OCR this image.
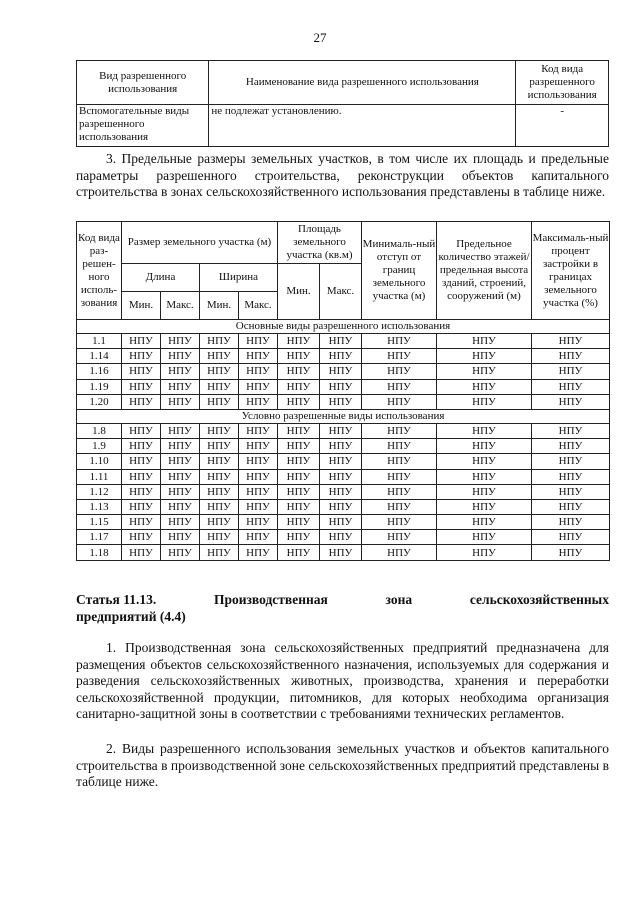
27
Вид разрешенного использования	Наименование вида разрешенного использования	Код вида разрешенного использования
Вспомогательные виды разрешенного использования	не подлежат установлению.	-

3. Предельные размеры земельных участков, в том числе их площадь и предельные параметры разрешенного строительства, реконструкции объектов капитального строительства в зонах сельскохозяйственного использования представлены в таблице ниже.

Код вида раз-решен-ного исполь-зования	Размер земельного участка (м)				Площадь земельного участка (кв.м)		Минималь-ный отступ от границ земельного участка (м)	Предельное количество этажей/ предельная высота зданий, строений, сооружений (м)	Максималь-ный процент застройки в границах земельного участка (%)
	Длина		Ширина		Мин.	Макс.			
	Мин.	Макс.	Мин.	Макс.					
Основные виды разрешенного использования									
1.1	НПУ	НПУ	НПУ	НПУ	НПУ	НПУ	НПУ	НПУ	НПУ
1.14	НПУ	НПУ	НПУ	НПУ	НПУ	НПУ	НПУ	НПУ	НПУ
1.16	НПУ	НПУ	НПУ	НПУ	НПУ	НПУ	НПУ	НПУ	НПУ
1.19	НПУ	НПУ	НПУ	НПУ	НПУ	НПУ	НПУ	НПУ	НПУ
1.20	НПУ	НПУ	НПУ	НПУ	НПУ	НПУ	НПУ	НПУ	НПУ
Условно разрешенные виды использования									
1.8	НПУ	НПУ	НПУ	НПУ	НПУ	НПУ	НПУ	НПУ	НПУ
1.9	НПУ	НПУ	НПУ	НПУ	НПУ	НПУ	НПУ	НПУ	НПУ
1.10	НПУ	НПУ	НПУ	НПУ	НПУ	НПУ	НПУ	НПУ	НПУ
1.11	НПУ	НПУ	НПУ	НПУ	НПУ	НПУ	НПУ	НПУ	НПУ
1.12	НПУ	НПУ	НПУ	НПУ	НПУ	НПУ	НПУ	НПУ	НПУ
1.13	НПУ	НПУ	НПУ	НПУ	НПУ	НПУ	НПУ	НПУ	НПУ
1.15	НПУ	НПУ	НПУ	НПУ	НПУ	НПУ	НПУ	НПУ	НПУ
1.17	НПУ	НПУ	НПУ	НПУ	НПУ	НПУ	НПУ	НПУ	НПУ
1.18	НПУ	НПУ	НПУ	НПУ	НПУ	НПУ	НПУ	НПУ	НПУ
Статья 11.13.	Производственная	зона	сельскохозяйственных
предприятий (4.4)

1. Производственная зона сельскохозяйственных предприятий предназначена для размещения объектов сельскохозяйственного назначения, используемых для содержания и разведения сельскохозяйственных животных, производства, хранения и переработки сельскохозяйственной продукции, питомников, для которых необходима организация санитарно-защитной зоны в соответствии с требованиями технических регламентов.

2. Виды разрешенного использования земельных участков и объектов капитального строительства в производственной зоне сельскохозяйственных предприятий представлены в таблице ниже.
